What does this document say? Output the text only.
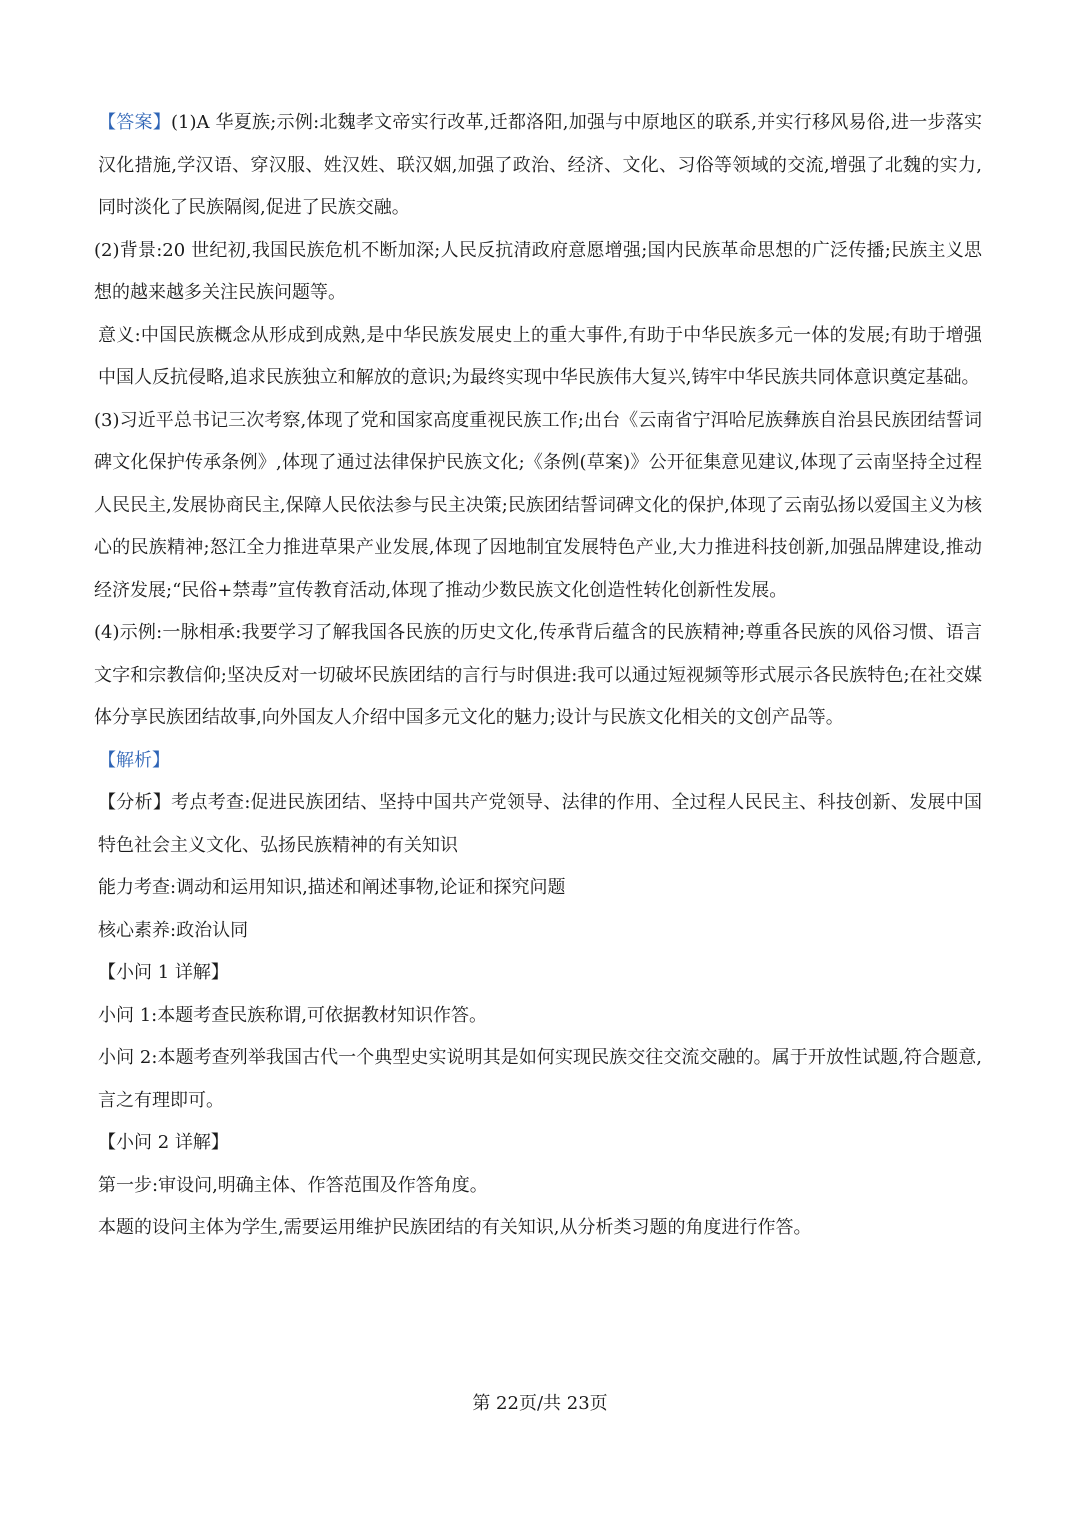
【答案】(1)A 华夏族;示例:北魏孝文帝实行改革,迁都洛阳,加强与中原地区的联系,并实行移风易俗,进一步落实汉化措施,学汉语、穿汉服、姓汉姓、联汉姻,加强了政治、经济、文化、习俗等领域的交流,增强了北魏的实力,同时淡化了民族隔阂,促进了民族交融。

(2)背景:20 世纪初,我国民族危机不断加深;人民反抗清政府意愿增强;国内民族革命思想的广泛传播;民族主义思想的越来越多关注民族问题等。

意义:中国民族概念从形成到成熟,是中华民族发展史上的重大事件,有助于中华民族多元一体的发展;有助于增强中国人反抗侵略,追求民族独立和解放的意识;为最终实现中华民族伟大复兴,铸牢中华民族共同体意识奠定基础。

(3)习近平总书记三次考察,体现了党和国家高度重视民族工作;出台《云南省宁洱哈尼族彝族自治县民族团结誓词碑文化保护传承条例》,体现了通过法律保护民族文化;《条例(草案)》公开征集意见建议,体现了云南坚持全过程人民民主,发展协商民主,保障人民依法参与民主决策;民族团结誓词碑文化的保护,体现了云南弘扬以爱国主义为核心的民族精神;怒江全力推进草果产业发展,体现了因地制宜发展特色产业,大力推进科技创新,加强品牌建设,推动经济发展;“民俗+禁毒”宣传教育活动,体现了推动少数民族文化创造性转化创新性发展。

(4)示例:一脉相承:我要学习了解我国各民族的历史文化,传承背后蕴含的民族精神;尊重各民族的风俗习惯、语言文字和宗教信仰;坚决反对一切破坏民族团结的言行与时俱进:我可以通过短视频等形式展示各民族特色;在社交媒体分享民族团结故事,向外国友人介绍中国多元文化的魅力;设计与民族文化相关的文创产品等。

【解析】

【分析】考点考查:促进民族团结、坚持中国共产党领导、法律的作用、全过程人民民主、科技创新、发展中国特色社会主义文化、弘扬民族精神的有关知识

能力考查:调动和运用知识,描述和阐述事物,论证和探究问题

核心素养:政治认同

【小问 1 详解】

小问 1:本题考查民族称谓,可依据教材知识作答。

小问 2:本题考查列举我国古代一个典型史实说明其是如何实现民族交往交流交融的。属于开放性试题,符合题意,言之有理即可。

【小问 2 详解】

第一步:审设问,明确主体、作答范围及作答角度。

本题的设问主体为学生,需要运用维护民族团结的有关知识,从分析类习题的角度进行作答。

第 22页/共 23页
